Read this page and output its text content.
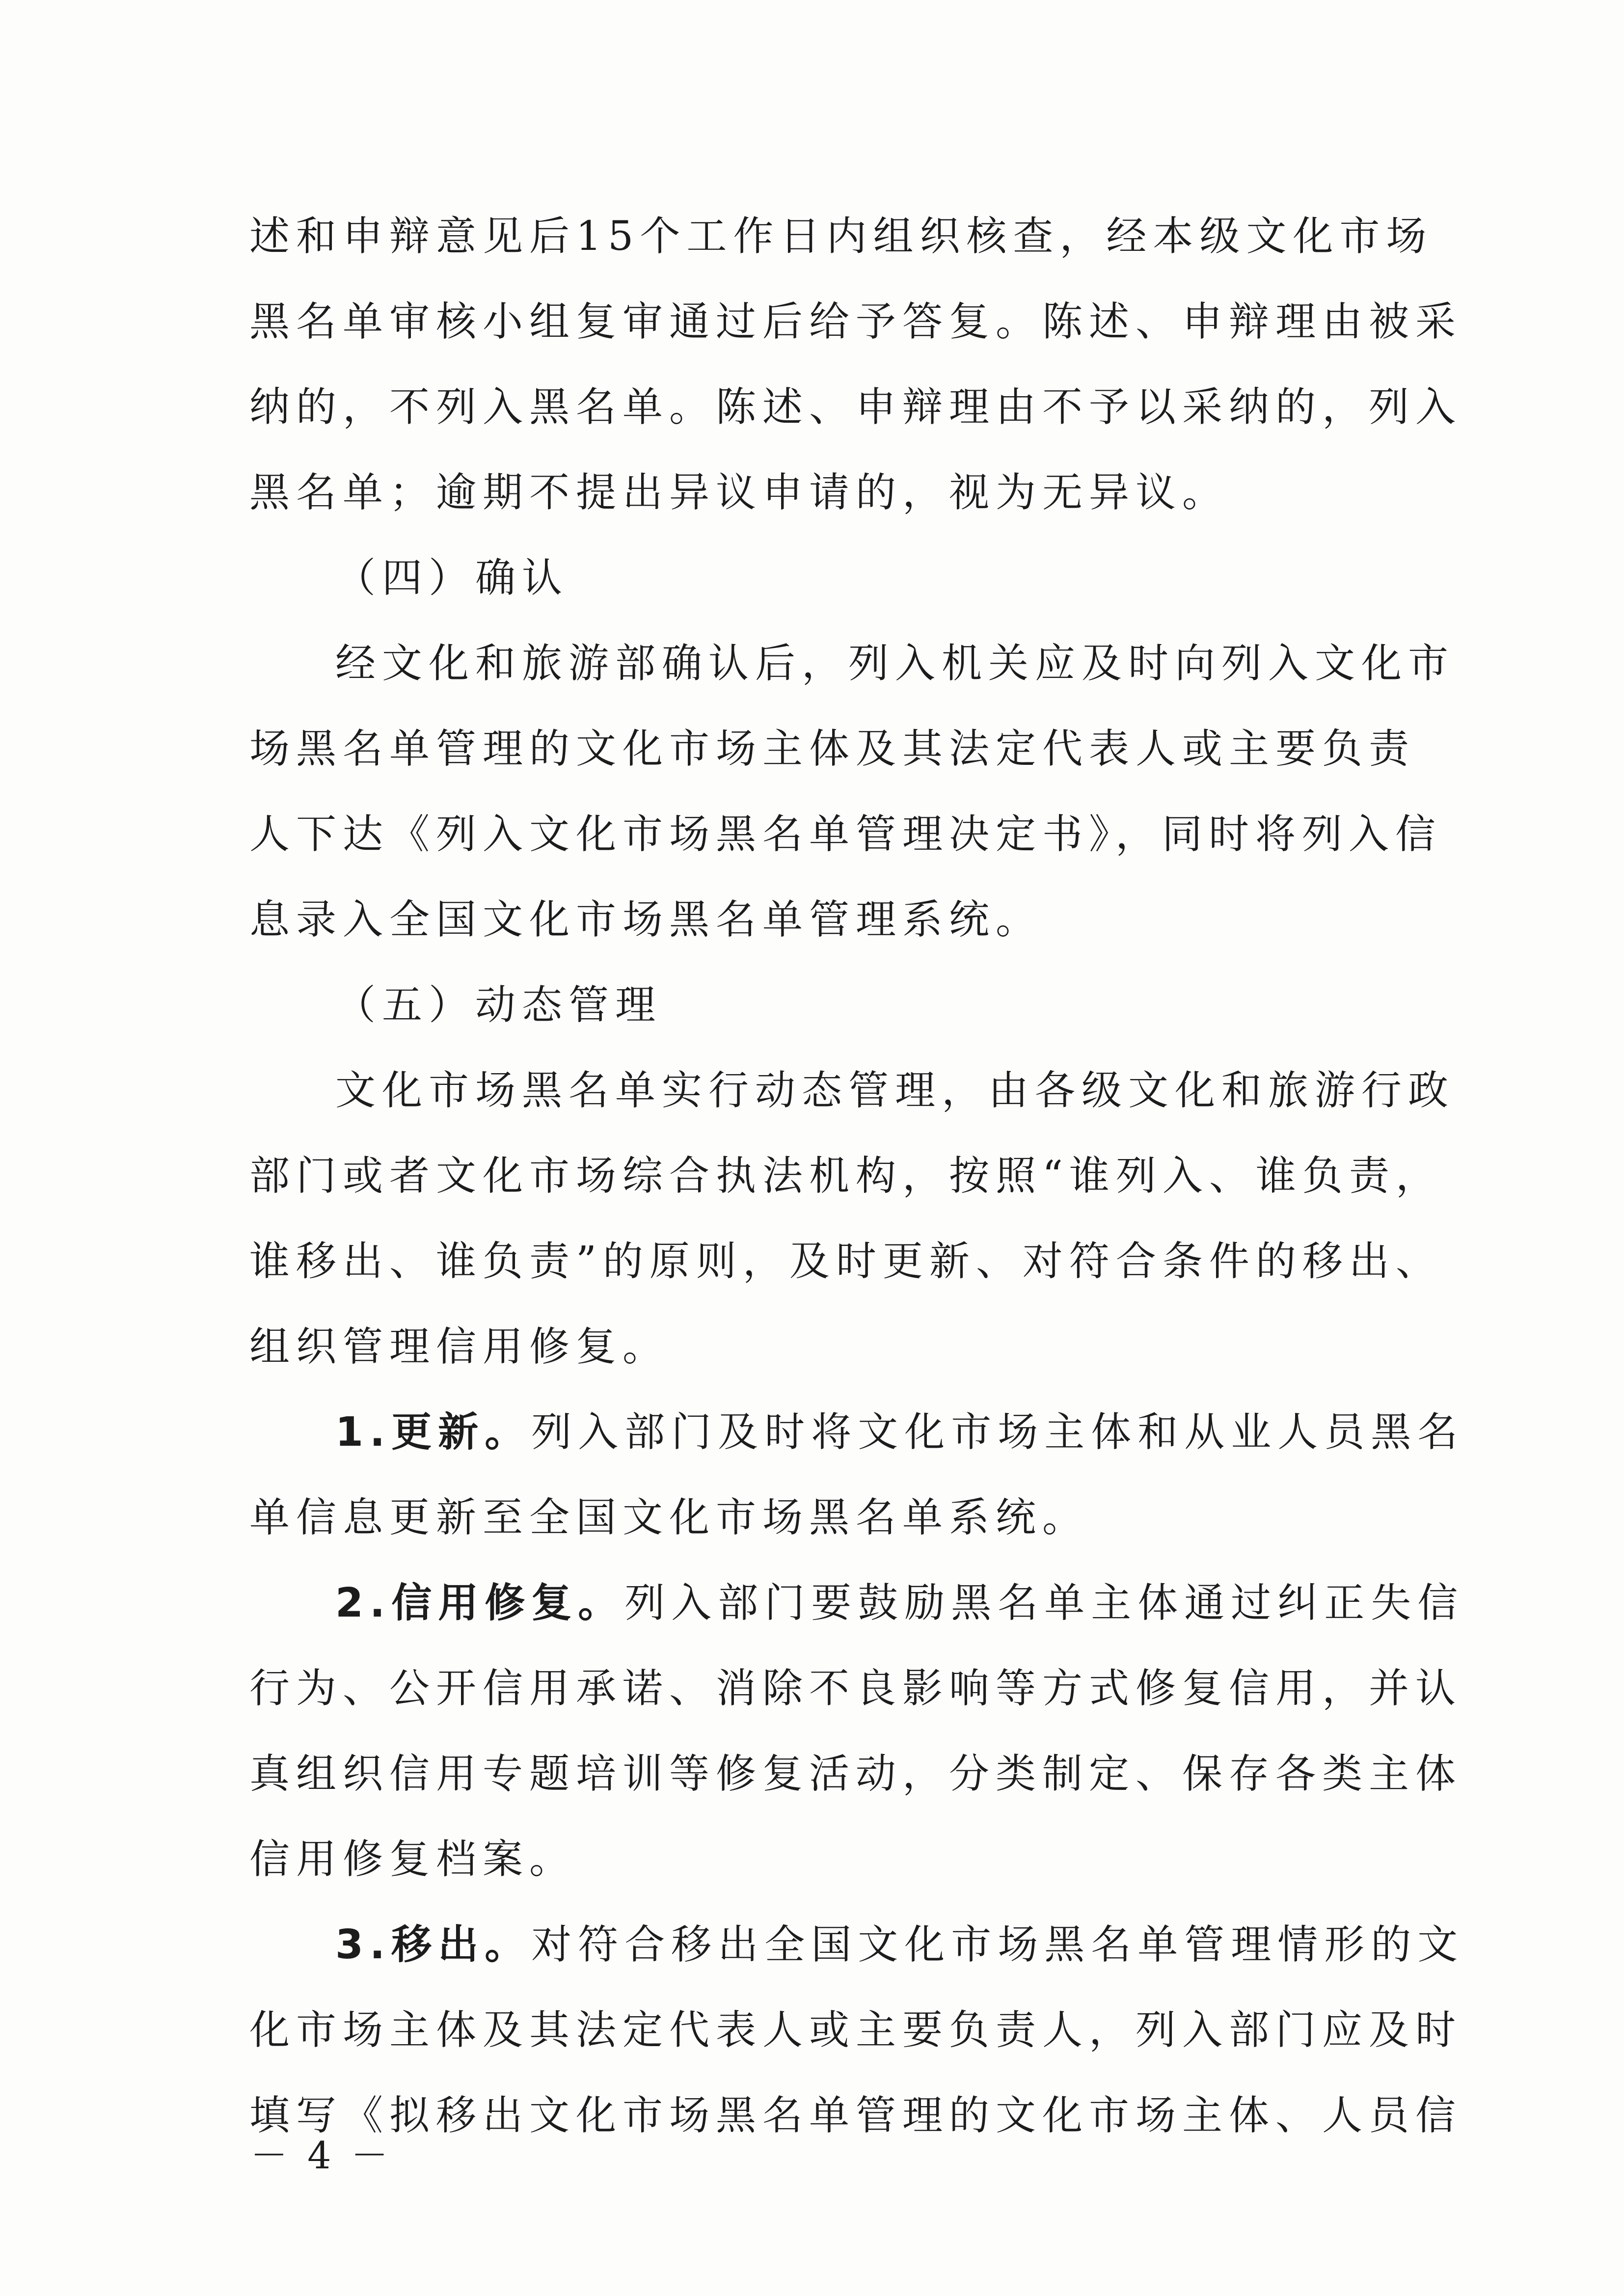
述和申辩意见后15个工作日内组织核查，经本级文化市场
黑名单审核小组复审通过后给予答复。陈述、申辩理由被采
纳的，不列入黑名单。陈述、申辩理由不予以采纳的，列入
黑名单；逾期不提出异议申请的，视为无异议。
（四）确认
经文化和旅游部确认后，列入机关应及时向列入文化市
场黑名单管理的文化市场主体及其法定代表人或主要负责
人下达《列入文化市场黑名单管理决定书》，同时将列入信
息录入全国文化市场黑名单管理系统。
（五）动态管理
文化市场黑名单实行动态管理，由各级文化和旅游行政
部门或者文化市场综合执法机构，按照“谁列入、谁负责，
谁移出、谁负责”的原则，及时更新、对符合条件的移出、
组织管理信用修复。
1.更新。列入部门及时将文化市场主体和从业人员黑名
单信息更新至全国文化市场黑名单系统。
2.信用修复。列入部门要鼓励黑名单主体通过纠正失信
行为、公开信用承诺、消除不良影响等方式修复信用，并认
真组织信用专题培训等修复活动，分类制定、保存各类主体
信用修复档案。
3.移出。对符合移出全国文化市场黑名单管理情形的文
化市场主体及其法定代表人或主要负责人，列入部门应及时
填写《拟移出文化市场黑名单管理的文化市场主体、人员信
－ 4 －
